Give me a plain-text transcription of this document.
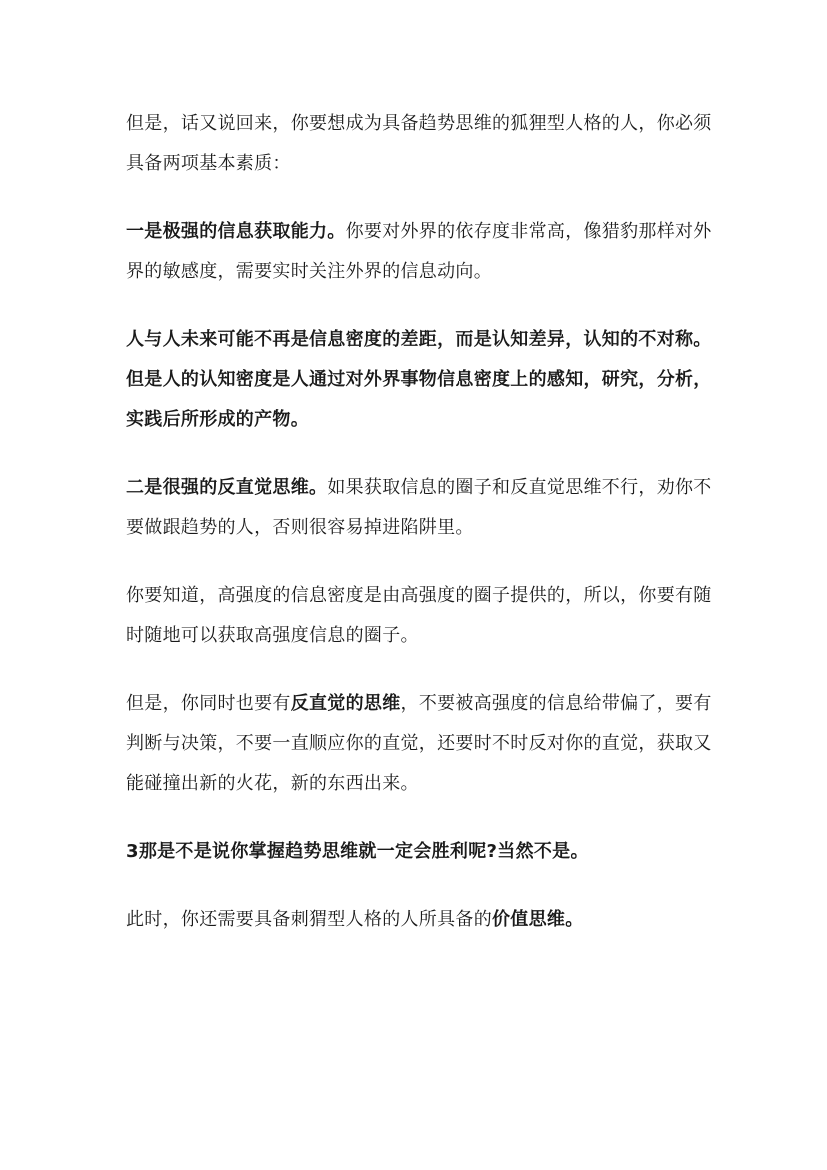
但是，话又说回来，你要想成为具备趋势思维的狐狸型人格的人，你必须具备两项基本素质：

一是极强的信息获取能力。你要对外界的依存度非常高，像猎豹那样对外界的敏感度，需要实时关注外界的信息动向。

人与人未来可能不再是信息密度的差距，而是认知差异，认知的不对称。但是人的认知密度是人通过对外界事物信息密度上的感知，研究，分析，实践后所形成的产物。

二是很强的反直觉思维。如果获取信息的圈子和反直觉思维不行，劝你不要做跟趋势的人，否则很容易掉进陷阱里。

你要知道，高强度的信息密度是由高强度的圈子提供的，所以，你要有随时随地可以获取高强度信息的圈子。

但是，你同时也要有反直觉的思维，不要被高强度的信息给带偏了，要有判断与决策，不要一直顺应你的直觉，还要时不时反对你的直觉，获取又能碰撞出新的火花，新的东西出来。

3那是不是说你掌握趋势思维就一定会胜利呢?当然不是。

此时，你还需要具备刺猬型人格的人所具备的价值思维。
